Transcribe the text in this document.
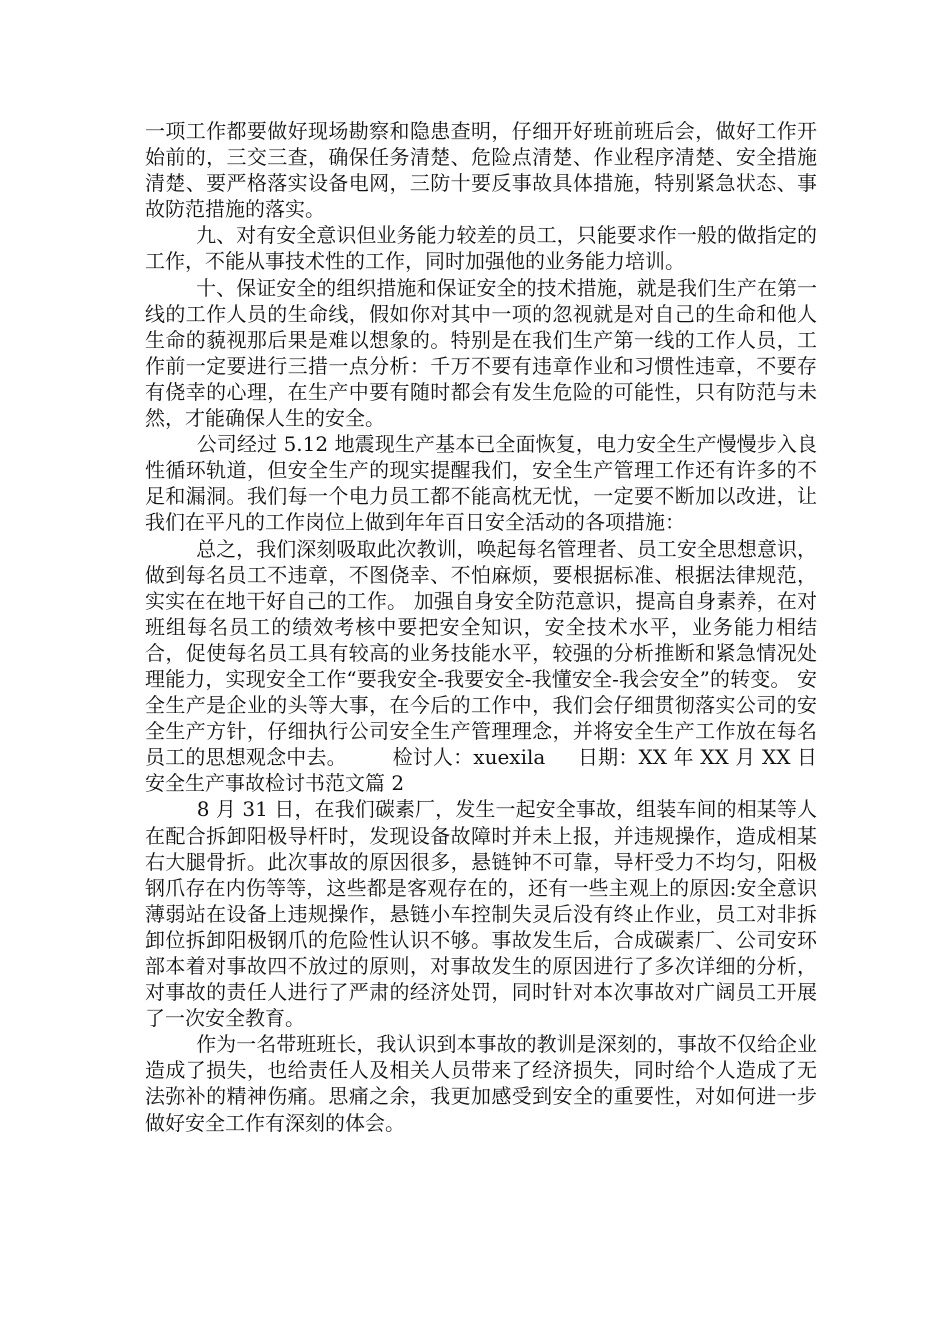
一项工作都要做好现场勘察和隐患查明，仔细开好班前班后会，做好工作开始前的，三交三查，确保任务清楚、危险点清楚、作业程序清楚、安全措施清楚、要严格落实设备电网，三防十要反事故具体措施，特别紧急状态、事故防范措施的落实。

九、对有安全意识但业务能力较差的员工，只能要求作一般的做指定的工作，不能从事技术性的工作，同时加强他的业务能力培训。

十、保证安全的组织措施和保证安全的技术措施，就是我们生产在第一线的工作人员的生命线，假如你对其中一项的忽视就是对自己的生命和他人生命的藐视那后果是难以想象的。特别是在我们生产第一线的工作人员，工作前一定要进行三措一点分析：千万不要有违章作业和习惯性违章，不要存有侥幸的心理，在生产中要有随时都会有发生危险的可能性，只有防范与未然，才能确保人生的安全。

公司经过 5.12 地震现生产基本已全面恢复，电力安全生产慢慢步入良性循环轨道，但安全生产的现实提醒我们，安全生产管理工作还有许多的不足和漏洞。我们每一个电力员工都不能高枕无忧，一定要不断加以改进，让我们在平凡的工作岗位上做到年年百日安全活动的各项措施：

总之，我们深刻吸取此次教训，唤起每名管理者、员工安全思想意识，做到每名员工不违章，不图侥幸、不怕麻烦，要根据标准、根据法律规范，实实在在地干好自己的工作。 加强自身安全防范意识，提高自身素养，在对班组每名员工的绩效考核中要把安全知识，安全技术水平，业务能力相结合，促使每名员工具有较高的业务技能水平，较强的分析推断和紧急情况处理能力，实现安全工作“要我安全-我要安全-我懂安全-我会安全”的转变。 安全生产是企业的头等大事，在今后的工作中，我们会仔细贯彻落实公司的安全生产方针，仔细执行公司安全生产管理理念，并将安全生产工作放在每名员工的思想观念中去。       检讨人：xuexila     日期：XX 年 XX 月 XX 日       安全生产事故检讨书范文篇 2

8 月 31 日，在我们碳素厂，发生一起安全事故，组装车间的相某等人在配合拆卸阳极导杆时，发现设备故障时并未上报，并违规操作，造成相某右大腿骨折。此次事故的原因很多，悬链钟不可靠，导杆受力不均匀，阳极钢爪存在内伤等等，这些都是客观存在的，还有一些主观上的原因:安全意识薄弱站在设备上违规操作，悬链小车控制失灵后没有终止作业，员工对非拆卸位拆卸阳极钢爪的危险性认识不够。事故发生后，合成碳素厂、公司安环部本着对事故四不放过的原则，对事故发生的原因进行了多次详细的分析，对事故的责任人进行了严肃的经济处罚，同时针对本次事故对广阔员工开展了一次安全教育。

作为一名带班班长，我认识到本事故的教训是深刻的，事故不仅给企业造成了损失，也给责任人及相关人员带来了经济损失，同时给个人造成了无法弥补的精神伤痛。思痛之余，我更加感受到安全的重要性，对如何进一步做好安全工作有深刻的体会。
